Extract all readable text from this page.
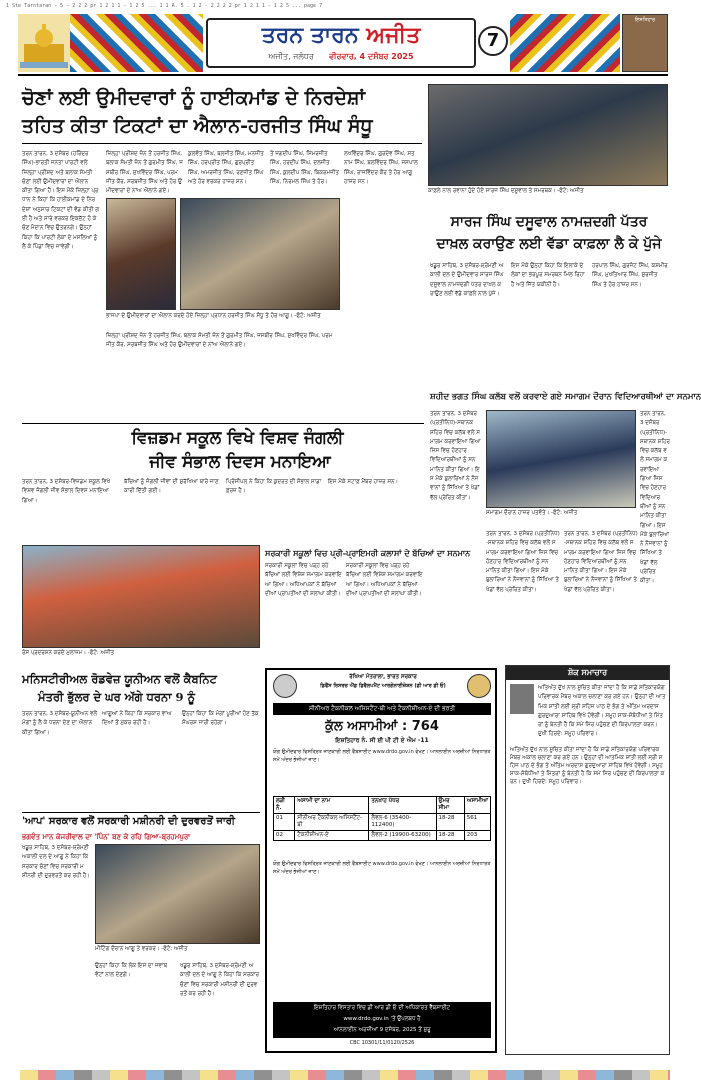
1 Ste Tarntaran - 5 - 2 2 2 pr 1 2 1 1 - 1 2 5 ... 1 1 A. 5 . 1 2 - 2 2 2 2 pr 1 2 1 1 - 1 2 5 ... page 7
ਤਰਨ ਤਾਰਨ ਅਜੀਤ
ਅਜੀਤ, ਜਲੰਧਰ ਵੀਰਵਾਰ, 4 ਦਸੰਬਰ 2025
7
ਇਸ਼ਤਿਹਾਰ
ਚੋਣਾਂ ਲਈ ਉਮੀਦਵਾਰਾਂ ਨੂੰ ਹਾਈਕਮਾਂਡ ਦੇ ਨਿਰਦੇਸ਼ਾਂ
ਤਹਿਤ ਕੀਤਾ ਟਿਕਟਾਂ ਦਾ ਐਲਾਨ-ਹਰਜੀਤ ਸਿੰਘ ਸੰਧੂ
ਤਰਨ ਤਾਰਨ, 3 ਦਸੰਬਰ (ਹਰਿੰਦਰ ਸਿੰਘ)-ਭਾਰਤੀ ਜਨਤਾ ਪਾਰਟੀ ਵਲੋਂ ਜ਼ਿਲ੍ਹਾ ਪ੍ਰੀਸ਼ਦ ਅਤੇ ਬਲਾਕ ਸੰਮਤੀ ਚੋਣਾਂ ਲਈ ਉਮੀਦਵਾਰਾਂ ਦਾ ਐਲਾਨ ਕੀਤਾ ਗਿਆ ਹੈ। ਇਸ ਮੌਕੇ ਜ਼ਿਲ੍ਹਾ ਪ੍ਰਧਾਨ ਨੇ ਕਿਹਾ ਕਿ ਹਾਈਕਮਾਂਡ ਦੇ ਨਿਰਦੇਸ਼ਾਂ ਅਨੁਸਾਰ ਟਿਕਟਾਂ ਦੀ ਵੰਡ ਕੀਤੀ ਗਈ ਹੈ ਅਤੇ ਸਾਰੇ ਵਰਕਰ ਇਕਜੁੱਟ ਹੋ ਕੇ ਚੋਣ ਮੈਦਾਨ ਵਿਚ ਉਤਰਨਗੇ। ਉਨ੍ਹਾਂ ਕਿਹਾ ਕਿ ਪਾਰਟੀ ਲੋਕਾਂ ਦੇ ਮਸਲਿਆਂ ਨੂੰ ਲੈ ਕੇ ਪਿੰਡਾਂ ਵਿਚ ਜਾਵੇਗੀ।
ਜ਼ਿਲ੍ਹਾ ਪ੍ਰੀਸ਼ਦ ਜ਼ੋਨ ਤੋਂ ਹਰਜੀਤ ਸਿੰਘ, ਬਲਾਕ ਸੰਮਤੀ ਜ਼ੋਨ ਤੋਂ ਗੁਰਮੀਤ ਸਿੰਘ, ਜਸਬੀਰ ਸਿੰਘ, ਸੁਖਵਿੰਦਰ ਸਿੰਘ, ਪਰਮਜੀਤ ਕੌਰ, ਸਰਬਜੀਤ ਸਿੰਘ ਅਤੇ ਹੋਰ ਉਮੀਦਵਾਰਾਂ ਦੇ ਨਾਂਅ ਐਲਾਨੇ ਗਏ।
ਕੁਲਵੰਤ ਸਿੰਘ, ਬਲਜੀਤ ਸਿੰਘ, ਮਨਜੀਤ ਸਿੰਘ, ਹਰਪ੍ਰੀਤ ਸਿੰਘ, ਗੁਰਪ੍ਰੀਤ ਸਿੰਘ, ਅਮਰਜੀਤ ਸਿੰਘ, ਰਣਜੀਤ ਸਿੰਘ ਅਤੇ ਹੋਰ ਵਰਕਰ ਹਾਜ਼ਰ ਸਨ।
ਤੋਂ ਜਗਦੀਪ ਸਿੰਘ, ਸਿਮਰਜੀਤ ਸਿੰਘ, ਹਰਦੀਪ ਸਿੰਘ, ਦਲਜੀਤ ਸਿੰਘ, ਕੁਲਦੀਪ ਸਿੰਘ, ਬਿਕਰਮਜੀਤ ਸਿੰਘ, ਨਿਰਮਲ ਸਿੰਘ ਤੇ ਹੋਰ।
ਲਖਵਿੰਦਰ ਸਿੰਘ, ਗੁਰਦੇਵ ਸਿੰਘ, ਸਤਨਾਮ ਸਿੰਘ, ਬਲਵਿੰਦਰ ਸਿੰਘ, ਜਸਪਾਲ ਸਿੰਘ, ਰਾਜਵਿੰਦਰ ਕੌਰ ਤੇ ਹੋਰ ਆਗੂ ਹਾਜ਼ਰ ਸਨ।
ਭਾਜਪਾ ਦੇ ਉਮੀਦਵਾਰਾਂ ਦਾ ਐਲਾਨ ਕਰਦੇ ਹੋਏ ਜ਼ਿਲ੍ਹਾ ਪ੍ਰਧਾਨ ਹਰਜੀਤ ਸਿੰਘ ਸੰਧੂ ਤੇ ਹੋਰ ਆਗੂ। -ਫੋਟੋ: ਅਜੀਤ
ਜ਼ਿਲ੍ਹਾ ਪ੍ਰੀਸ਼ਦ ਜ਼ੋਨ ਤੋਂ ਹਰਜੀਤ ਸਿੰਘ, ਬਲਾਕ ਸੰਮਤੀ ਜ਼ੋਨ ਤੋਂ ਗੁਰਮੀਤ ਸਿੰਘ, ਜਸਬੀਰ ਸਿੰਘ, ਸੁਖਵਿੰਦਰ ਸਿੰਘ, ਪਰਮਜੀਤ ਕੌਰ, ਸਰਬਜੀਤ ਸਿੰਘ ਅਤੇ ਹੋਰ ਉਮੀਦਵਾਰਾਂ ਦੇ ਨਾਂਅ ਐਲਾਨੇ ਗਏ।
ਕਾਫ਼ਲੇ ਨਾਲ ਰਵਾਨਾ ਹੁੰਦੇ ਹੋਏ ਸਾਰਜ ਸਿੰਘ ਦਸੂਵਾਲ ਤੇ ਸਮਰਥਕ। -ਫੋਟੋ: ਅਜੀਤ
ਸਾਰਜ ਸਿੰਘ ਦਸੂਵਾਲ ਨਾਮਜ਼ਦਗੀ ਪੱਤਰ
ਦਾਖ਼ਲ ਕਰਾਉਣ ਲਈ ਵੱਡਾ ਕਾਫ਼ਲਾ ਲੈ ਕੇ ਪੁੱਜੇ
ਖਡੂਰ ਸਾਹਿਬ, 3 ਦਸੰਬਰ-ਸ਼੍ਰੋਮਣੀ ਅਕਾਲੀ ਦਲ ਦੇ ਉਮੀਦਵਾਰ ਸਾਰਜ ਸਿੰਘ ਦਸੂਵਾਲ ਨਾਮਜ਼ਦਗੀ ਪੱਤਰ ਦਾਖ਼ਲ ਕਰਾਉਣ ਲਈ ਵੱਡੇ ਕਾਫ਼ਲੇ ਨਾਲ ਪੁੱਜੇ।
ਇਸ ਮੌਕੇ ਉਨ੍ਹਾਂ ਕਿਹਾ ਕਿ ਇਲਾਕੇ ਦੇ ਲੋਕਾਂ ਦਾ ਭਰਪੂਰ ਸਮਰਥਨ ਮਿਲ ਰਿਹਾ ਹੈ ਅਤੇ ਜਿੱਤ ਯਕੀਨੀ ਹੈ।
ਹਰਪਾਲ ਸਿੰਘ, ਗੁਰਜੰਟ ਸਿੰਘ, ਕਸ਼ਮੀਰ ਸਿੰਘ, ਮੁਖਤਿਆਰ ਸਿੰਘ, ਸੁਰਜੀਤ ਸਿੰਘ ਤੇ ਹੋਰ ਹਾਜ਼ਰ ਸਨ।
ਸ਼ਹੀਦ ਭਗਤ ਸਿੰਘ ਕਲੱਬ ਵਲੋਂ ਕਰਵਾਏ ਗਏ ਸਮਾਗਮ ਦੌਰਾਨ ਵਿਦਿਆਰਥੀਆਂ ਦਾ ਸਨਮਾਨ
ਤਰਨ ਤਾਰਨ, 3 ਦਸੰਬਰ (ਪ੍ਰਤੀਨਿਧ)-ਸਥਾਨਕ ਸ਼ਹਿਰ ਵਿਚ ਕਲੱਬ ਵਲੋਂ ਸਮਾਗਮ ਕਰਵਾਇਆ ਗਿਆ ਜਿਸ ਵਿਚ ਹੋਣਹਾਰ ਵਿਦਿਆਰਥੀਆਂ ਨੂੰ ਸਨਮਾਨਿਤ ਕੀਤਾ ਗਿਆ। ਇਸ ਮੌਕੇ ਬੁਲਾਰਿਆਂ ਨੇ ਨੌਜਵਾਨਾਂ ਨੂੰ ਸਿੱਖਿਆ ਤੇ ਖੇਡਾਂ ਵੱਲ ਪ੍ਰੇਰਿਤ ਕੀਤਾ।
ਸਮਾਗਮ ਦੌਰਾਨ ਹਾਜ਼ਰ ਪਤਵੰਤੇ। -ਫੋਟੋ: ਅਜੀਤ
ਤਰਨ ਤਾਰਨ, 3 ਦਸੰਬਰ (ਪ੍ਰਤੀਨਿਧ)-ਸਥਾਨਕ ਸ਼ਹਿਰ ਵਿਚ ਕਲੱਬ ਵਲੋਂ ਸਮਾਗਮ ਕਰਵਾਇਆ ਗਿਆ ਜਿਸ ਵਿਚ ਹੋਣਹਾਰ ਵਿਦਿਆਰਥੀਆਂ ਨੂੰ ਸਨਮਾਨਿਤ ਕੀਤਾ ਗਿਆ। ਇਸ ਮੌਕੇ ਬੁਲਾਰਿਆਂ ਨੇ ਨੌਜਵਾਨਾਂ ਨੂੰ ਸਿੱਖਿਆ ਤੇ ਖੇਡਾਂ ਵੱਲ ਪ੍ਰੇਰਿਤ ਕੀਤਾ।
ਤਰਨ ਤਾਰਨ, 3 ਦਸੰਬਰ (ਪ੍ਰਤੀਨਿਧ)-ਸਥਾਨਕ ਸ਼ਹਿਰ ਵਿਚ ਕਲੱਬ ਵਲੋਂ ਸਮਾਗਮ ਕਰਵਾਇਆ ਗਿਆ ਜਿਸ ਵਿਚ ਹੋਣਹਾਰ ਵਿਦਿਆਰਥੀਆਂ ਨੂੰ ਸਨਮਾਨਿਤ ਕੀਤਾ ਗਿਆ। ਇਸ ਮੌਕੇ ਬੁਲਾਰਿਆਂ ਨੇ ਨੌਜਵਾਨਾਂ ਨੂੰ ਸਿੱਖਿਆ ਤੇ ਖੇਡਾਂ ਵੱਲ ਪ੍ਰੇਰਿਤ ਕੀਤਾ।
ਤਰਨ ਤਾਰਨ, 3 ਦਸੰਬਰ (ਪ੍ਰਤੀਨਿਧ)-ਸਥਾਨਕ ਸ਼ਹਿਰ ਵਿਚ ਕਲੱਬ ਵਲੋਂ ਸਮਾਗਮ ਕਰਵਾਇਆ ਗਿਆ ਜਿਸ ਵਿਚ ਹੋਣਹਾਰ ਵਿਦਿਆਰਥੀਆਂ ਨੂੰ ਸਨਮਾਨਿਤ ਕੀਤਾ ਗਿਆ। ਇਸ ਮੌਕੇ ਬੁਲਾਰਿਆਂ ਨੇ ਨੌਜਵਾਨਾਂ ਨੂੰ ਸਿੱਖਿਆ ਤੇ ਖੇਡਾਂ ਵੱਲ ਪ੍ਰੇਰਿਤ ਕੀਤਾ।
ਵਿਜ਼ਡਮ ਸਕੂਲ ਵਿਖੇ ਵਿਸ਼ਵ ਜੰਗਲੀ
ਜੀਵ ਸੰਭਾਲ ਦਿਵਸ ਮਨਾਇਆ
ਤਰਨ ਤਾਰਨ, 3 ਦਸੰਬਰ-ਵਿਜ਼ਡਮ ਸਕੂਲ ਵਿਖੇ ਵਿਸ਼ਵ ਜੰਗਲੀ ਜੀਵ ਸੰਭਾਲ ਦਿਵਸ ਮਨਾਇਆ ਗਿਆ।
ਬੱਚਿਆਂ ਨੂੰ ਜੰਗਲੀ ਜੀਵਾਂ ਦੀ ਸੁਰੱਖਿਆ ਬਾਰੇ ਜਾਣਕਾਰੀ ਦਿੱਤੀ ਗਈ।
ਪ੍ਰਿੰਸੀਪਲ ਨੇ ਕਿਹਾ ਕਿ ਕੁਦਰਤ ਦੀ ਸੰਭਾਲ ਸਾਡਾ ਫ਼ਰਜ਼ ਹੈ।
ਇਸ ਮੌਕੇ ਸਟਾਫ਼ ਮੈਂਬਰ ਹਾਜ਼ਰ ਸਨ।
ਰੋਸ ਪ੍ਰਦਰਸ਼ਨ ਕਰਦੇ ਮੁਲਾਜ਼ਮ। -ਫੋਟੋ: ਅਜੀਤ
ਸਰਕਾਰੀ ਸਕੂਲਾਂ ਵਿਚ ਪ੍ਰੀ-ਪ੍ਰਾਇਮਰੀ ਕਲਾਸਾਂ ਦੇ ਬੱਚਿਆਂ ਦਾ ਸਨਮਾਨ
ਸਰਕਾਰੀ ਸਕੂਲਾਂ ਵਿਚ ਪੜ੍ਹ ਰਹੇ ਬੱਚਿਆਂ ਲਈ ਵਿਸ਼ੇਸ਼ ਸਮਾਗਮ ਕਰਵਾਇਆ ਗਿਆ। ਅਧਿਆਪਕਾਂ ਨੇ ਬੱਚਿਆਂ ਦੀਆਂ ਪ੍ਰਾਪਤੀਆਂ ਦੀ ਸ਼ਲਾਘਾ ਕੀਤੀ।
ਸਰਕਾਰੀ ਸਕੂਲਾਂ ਵਿਚ ਪੜ੍ਹ ਰਹੇ ਬੱਚਿਆਂ ਲਈ ਵਿਸ਼ੇਸ਼ ਸਮਾਗਮ ਕਰਵਾਇਆ ਗਿਆ। ਅਧਿਆਪਕਾਂ ਨੇ ਬੱਚਿਆਂ ਦੀਆਂ ਪ੍ਰਾਪਤੀਆਂ ਦੀ ਸ਼ਲਾਘਾ ਕੀਤੀ।
ਮਨਿਸਟੀਰੀਅਲ ਰੋਡਵੇਜ਼ ਯੂਨੀਅਨ ਵਲੋਂ ਕੈਬਨਿਟ
ਮੰਤਰੀ ਭੁੱਲਰ ਦੇ ਘਰ ਅੱਗੇ ਧਰਨਾ 9 ਨੂੰ
ਤਰਨ ਤਾਰਨ, 3 ਦਸੰਬਰ-ਯੂਨੀਅਨ ਵਲੋਂ ਮੰਗਾਂ ਨੂੰ ਲੈ ਕੇ ਧਰਨਾ ਦੇਣ ਦਾ ਐਲਾਨ ਕੀਤਾ ਗਿਆ।
ਆਗੂਆਂ ਨੇ ਕਿਹਾ ਕਿ ਸਰਕਾਰ ਵਾਅਦਿਆਂ ਤੋਂ ਮੁੱਕਰ ਰਹੀ ਹੈ।
ਉਨ੍ਹਾਂ ਕਿਹਾ ਕਿ ਮੰਗਾਂ ਪੂਰੀਆਂ ਹੋਣ ਤੱਕ ਸੰਘਰਸ਼ ਜਾਰੀ ਰਹੇਗਾ।
'ਆਪ' ਸਰਕਾਰ ਵਲੋਂ ਸਰਕਾਰੀ ਮਸ਼ੀਨਰੀ ਦੀ ਦੁਰਵਰਤੋਂ ਜਾਰੀ
ਭਗਵੰਤ ਮਾਨ ਕੇਜਰੀਵਾਲ ਦਾ 'ਪਿੰਨ' ਬਣ ਕੇ ਰਹਿ ਗਿਆ-ਬ੍ਰਹਮਪੁਰਾ
ਖਡੂਰ ਸਾਹਿਬ, 3 ਦਸੰਬਰ-ਸ਼੍ਰੋਮਣੀ ਅਕਾਲੀ ਦਲ ਦੇ ਆਗੂ ਨੇ ਕਿਹਾ ਕਿ ਸਰਕਾਰ ਚੋਣਾਂ ਵਿਚ ਸਰਕਾਰੀ ਮਸ਼ੀਨਰੀ ਦੀ ਦੁਰਵਰਤੋਂ ਕਰ ਰਹੀ ਹੈ।
ਮੀਟਿੰਗ ਦੌਰਾਨ ਆਗੂ ਤੇ ਵਰਕਰ। -ਫੋਟੋ: ਅਜੀਤ
ਉਨ੍ਹਾਂ ਕਿਹਾ ਕਿ ਲੋਕ ਇਸ ਦਾ ਜਵਾਬ ਵੋਟਾਂ ਨਾਲ ਦੇਣਗੇ।
ਖਡੂਰ ਸਾਹਿਬ, 3 ਦਸੰਬਰ-ਸ਼੍ਰੋਮਣੀ ਅਕਾਲੀ ਦਲ ਦੇ ਆਗੂ ਨੇ ਕਿਹਾ ਕਿ ਸਰਕਾਰ ਚੋਣਾਂ ਵਿਚ ਸਰਕਾਰੀ ਮਸ਼ੀਨਰੀ ਦੀ ਦੁਰਵਰਤੋਂ ਕਰ ਰਹੀ ਹੈ।
ਰੱਖਿਆ ਮੰਤਰਾਲਾ, ਭਾਰਤ ਸਰਕਾਰ
ਡਿਫੈਂਸ ਰਿਸਰਚ ਐਂਡ ਡਿਵੈਲਪਮੈਂਟ ਆਰਗੇਨਾਈਜ਼ੇਸ਼ਨ (ਡੀ ਆਰ ਡੀ ਓ)
ਸੀਨੀਅਰ ਟੈਕਨੀਕਲ ਅਸਿਸਟੈਂਟ-ਬੀ ਅਤੇ ਟੈਕਨੀਸ਼ੀਅਨ-ਏ ਦੀ ਭਰਤੀ
ਕੁੱਲ ਅਸਾਮੀਆਂ : 764
ਇਸ਼ਤਿਹਾਰ ਨੰ. ਸੀ ਈ ਪੀ ਟੀ ਏ ਐਮ -11
ਯੋਗ ਉਮੀਦਵਾਰ ਵਿਸਤ੍ਰਿਤ ਜਾਣਕਾਰੀ ਲਈ ਵੈੱਬਸਾਈਟ www.drdo.gov.in ਵੇਖਣ। ਆਨਲਾਈਨ ਅਰਜ਼ੀਆਂ ਨਿਰਧਾਰਤ ਸਮੇਂ ਅੰਦਰ ਭੇਜੀਆਂ ਜਾਣ।
ਲੜੀ ਨੰ.	ਅਸਾਮੀ ਦਾ ਨਾਮ	ਤਨਖ਼ਾਹ ਪੱਧਰ	ਉਮਰ ਸੀਮਾ	ਅਸਾਮੀਆਂ
01	ਸੀਨੀਅਰ ਟੈਕਨੀਕਲ ਅਸਿਸਟੈਂਟ-ਬੀ	ਲੈਵਲ-6 (35400-112400)	18-28	561
02	ਟੈਕਨੀਸ਼ੀਅਨ-ਏ	ਲੈਵਲ-2 (19900-63200)	18-28	203
ਯੋਗ ਉਮੀਦਵਾਰ ਵਿਸਤ੍ਰਿਤ ਜਾਣਕਾਰੀ ਲਈ ਵੈੱਬਸਾਈਟ www.drdo.gov.in ਵੇਖਣ। ਆਨਲਾਈਨ ਅਰਜ਼ੀਆਂ ਨਿਰਧਾਰਤ ਸਮੇਂ ਅੰਦਰ ਭੇਜੀਆਂ ਜਾਣ।
ਇਸ਼ਤਿਹਾਰ ਵਿਸਤਾਰ ਵਿਚ ਡੀ ਆਰ ਡੀ ਓ ਦੀ ਅਧਿਕਾਰਤ ਵੈੱਬਸਾਈਟ
www.drdo.gov.in 'ਤੇ ਉਪਲਬਧ ਹੈ
ਆਨਲਾਈਨ ਅਰਜ਼ੀਆਂ 9 ਦਸੰਬਰ, 2025 ਤੋਂ ਸ਼ੁਰੂ
CBC 10301/11/0120/2526
ਸ਼ੋਕ ਸਮਾਚਾਰ
ਅਤਿਅੰਤ ਦੁੱਖ ਨਾਲ ਸੂਚਿਤ ਕੀਤਾ ਜਾਂਦਾ ਹੈ ਕਿ ਸਾਡੇ ਸਤਿਕਾਰਯੋਗ ਪਰਿਵਾਰਕ ਮੈਂਬਰ ਅਕਾਲ ਚਲਾਣਾ ਕਰ ਗਏ ਹਨ। ਉਨ੍ਹਾਂ ਦੀ ਆਤਮਿਕ ਸ਼ਾਂਤੀ ਲਈ ਸ੍ਰੀ ਸਹਿਜ ਪਾਠ ਦੇ ਭੋਗ ਤੇ ਅੰਤਿਮ ਅਰਦਾਸ ਗੁਰਦੁਆਰਾ ਸਾਹਿਬ ਵਿਖੇ ਹੋਵੇਗੀ। ਸਮੂਹ ਸਾਕ-ਸੰਬੰਧੀਆਂ ਤੇ ਮਿੱਤਰਾਂ ਨੂੰ ਬੇਨਤੀ ਹੈ ਕਿ ਸਮੇਂ ਸਿਰ ਪਹੁੰਚਣ ਦੀ ਕਿਰਪਾਲਤਾ ਕਰਨ। ਦੁਖੀ ਹਿਰਦੇ: ਸਮੂਹ ਪਰਿਵਾਰ।
ਅਤਿਅੰਤ ਦੁੱਖ ਨਾਲ ਸੂਚਿਤ ਕੀਤਾ ਜਾਂਦਾ ਹੈ ਕਿ ਸਾਡੇ ਸਤਿਕਾਰਯੋਗ ਪਰਿਵਾਰਕ ਮੈਂਬਰ ਅਕਾਲ ਚਲਾਣਾ ਕਰ ਗਏ ਹਨ। ਉਨ੍ਹਾਂ ਦੀ ਆਤਮਿਕ ਸ਼ਾਂਤੀ ਲਈ ਸ੍ਰੀ ਸਹਿਜ ਪਾਠ ਦੇ ਭੋਗ ਤੇ ਅੰਤਿਮ ਅਰਦਾਸ ਗੁਰਦੁਆਰਾ ਸਾਹਿਬ ਵਿਖੇ ਹੋਵੇਗੀ। ਸਮੂਹ ਸਾਕ-ਸੰਬੰਧੀਆਂ ਤੇ ਮਿੱਤਰਾਂ ਨੂੰ ਬੇਨਤੀ ਹੈ ਕਿ ਸਮੇਂ ਸਿਰ ਪਹੁੰਚਣ ਦੀ ਕਿਰਪਾਲਤਾ ਕਰਨ। ਦੁਖੀ ਹਿਰਦੇ: ਸਮੂਹ ਪਰਿਵਾਰ।
